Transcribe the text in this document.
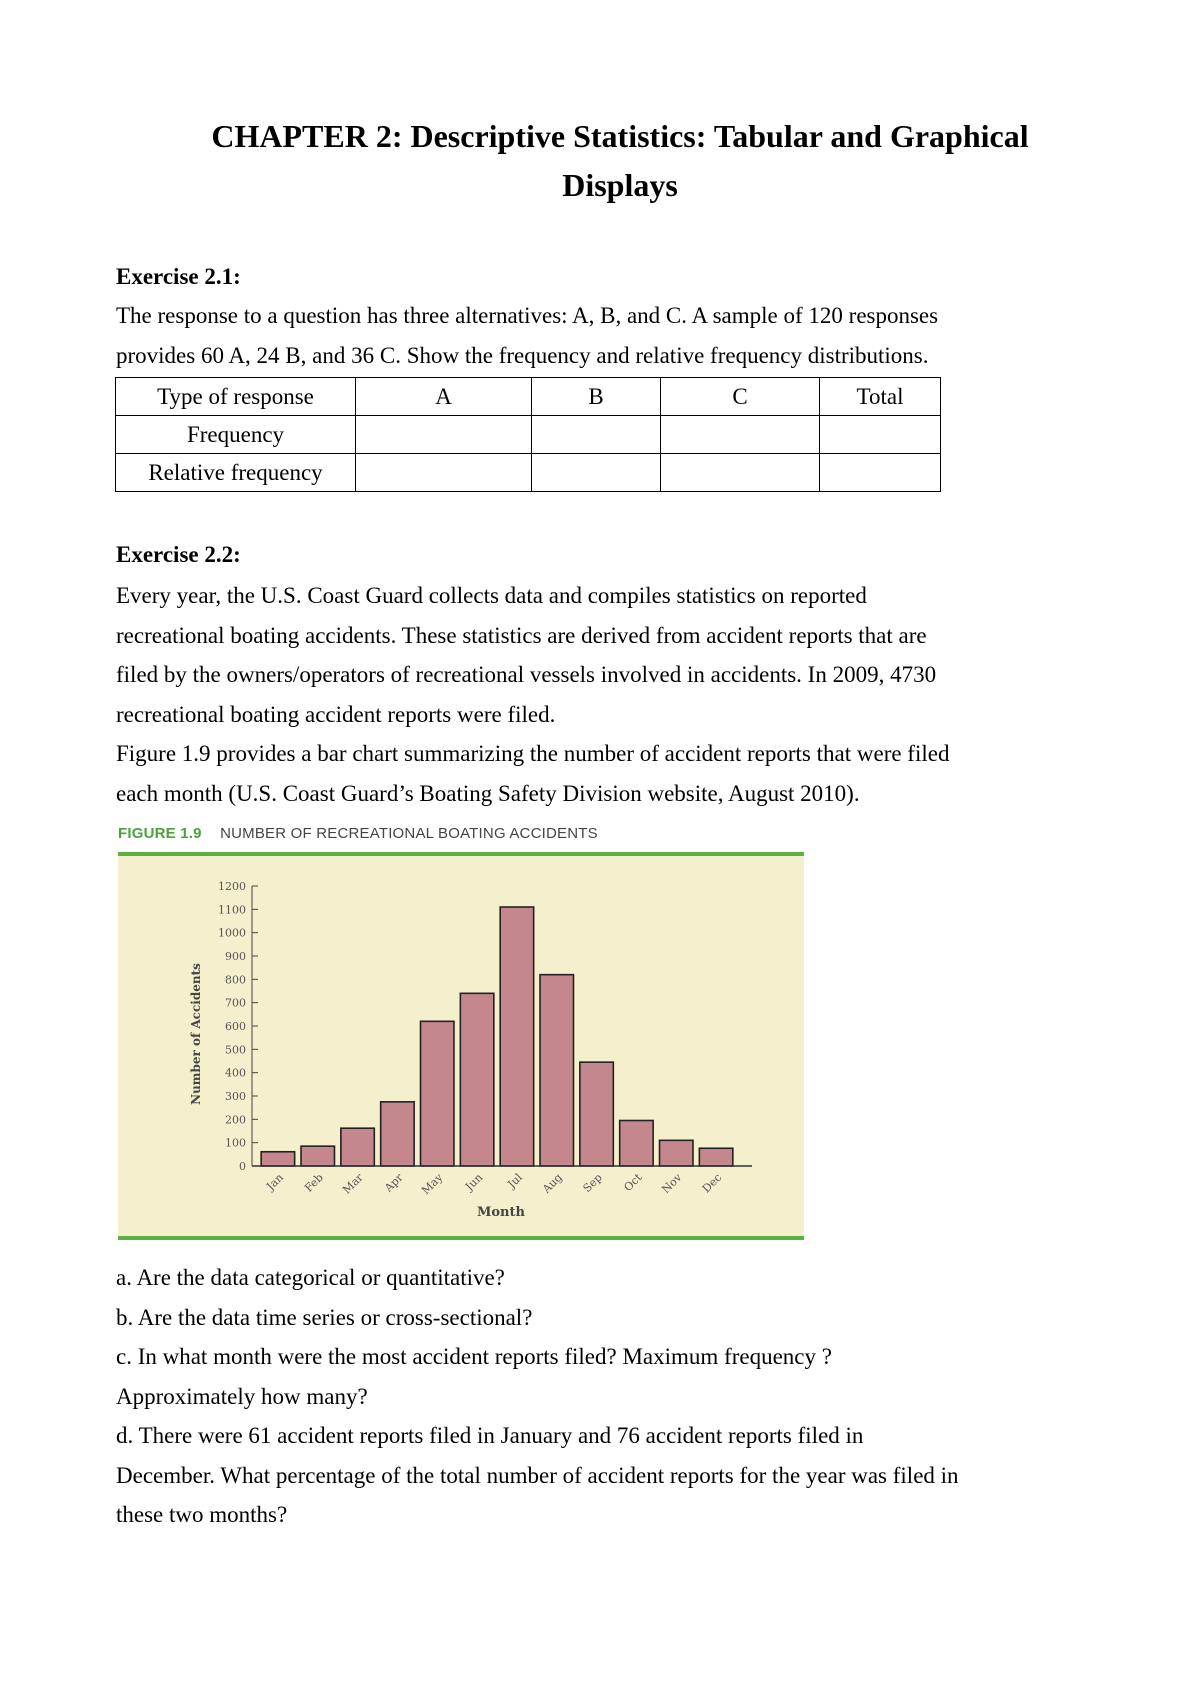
CHAPTER 2: Descriptive Statistics: Tabular and Graphical
Displays

Exercise 2.1:

The response to a question has three alternatives: A, B, and C. A sample of 120 responses
provides 60 A, 24 B, and 36 C. Show the frequency and relative frequency distributions.

Type of response	A	B	C	Total
Frequency				
Relative frequency				

Exercise 2.2:

Every year, the U.S. Coast Guard collects data and compiles statistics on reported
recreational boating accidents. These statistics are derived from accident reports that are
filed by the owners/operators of recreational vessels involved in accidents. In 2009, 4730
recreational boating accident reports were filed.
Figure 1.9 provides a bar chart summarizing the number of accident reports that were filed
each month (U.S. Coast Guard’s Boating Safety Division website, August 2010).

FIGURE 1.9 NUMBER OF RECREATIONAL BOATING ACCIDENTS
0
100
200
300
400
500
600
700
800
900
1000
1100
1200
Number of Accidents
Jan Feb Mar Apr May Jun Jul Aug Sep Oct Nov Dec
Month

a. Are the data categorical or quantitative?
b. Are the data time series or cross-sectional?
c. In what month were the most accident reports filed? Maximum frequency ?
Approximately how many?
d. There were 61 accident reports filed in January and 76 accident reports filed in
December. What percentage of the total number of accident reports for the year was filed in
these two months?
